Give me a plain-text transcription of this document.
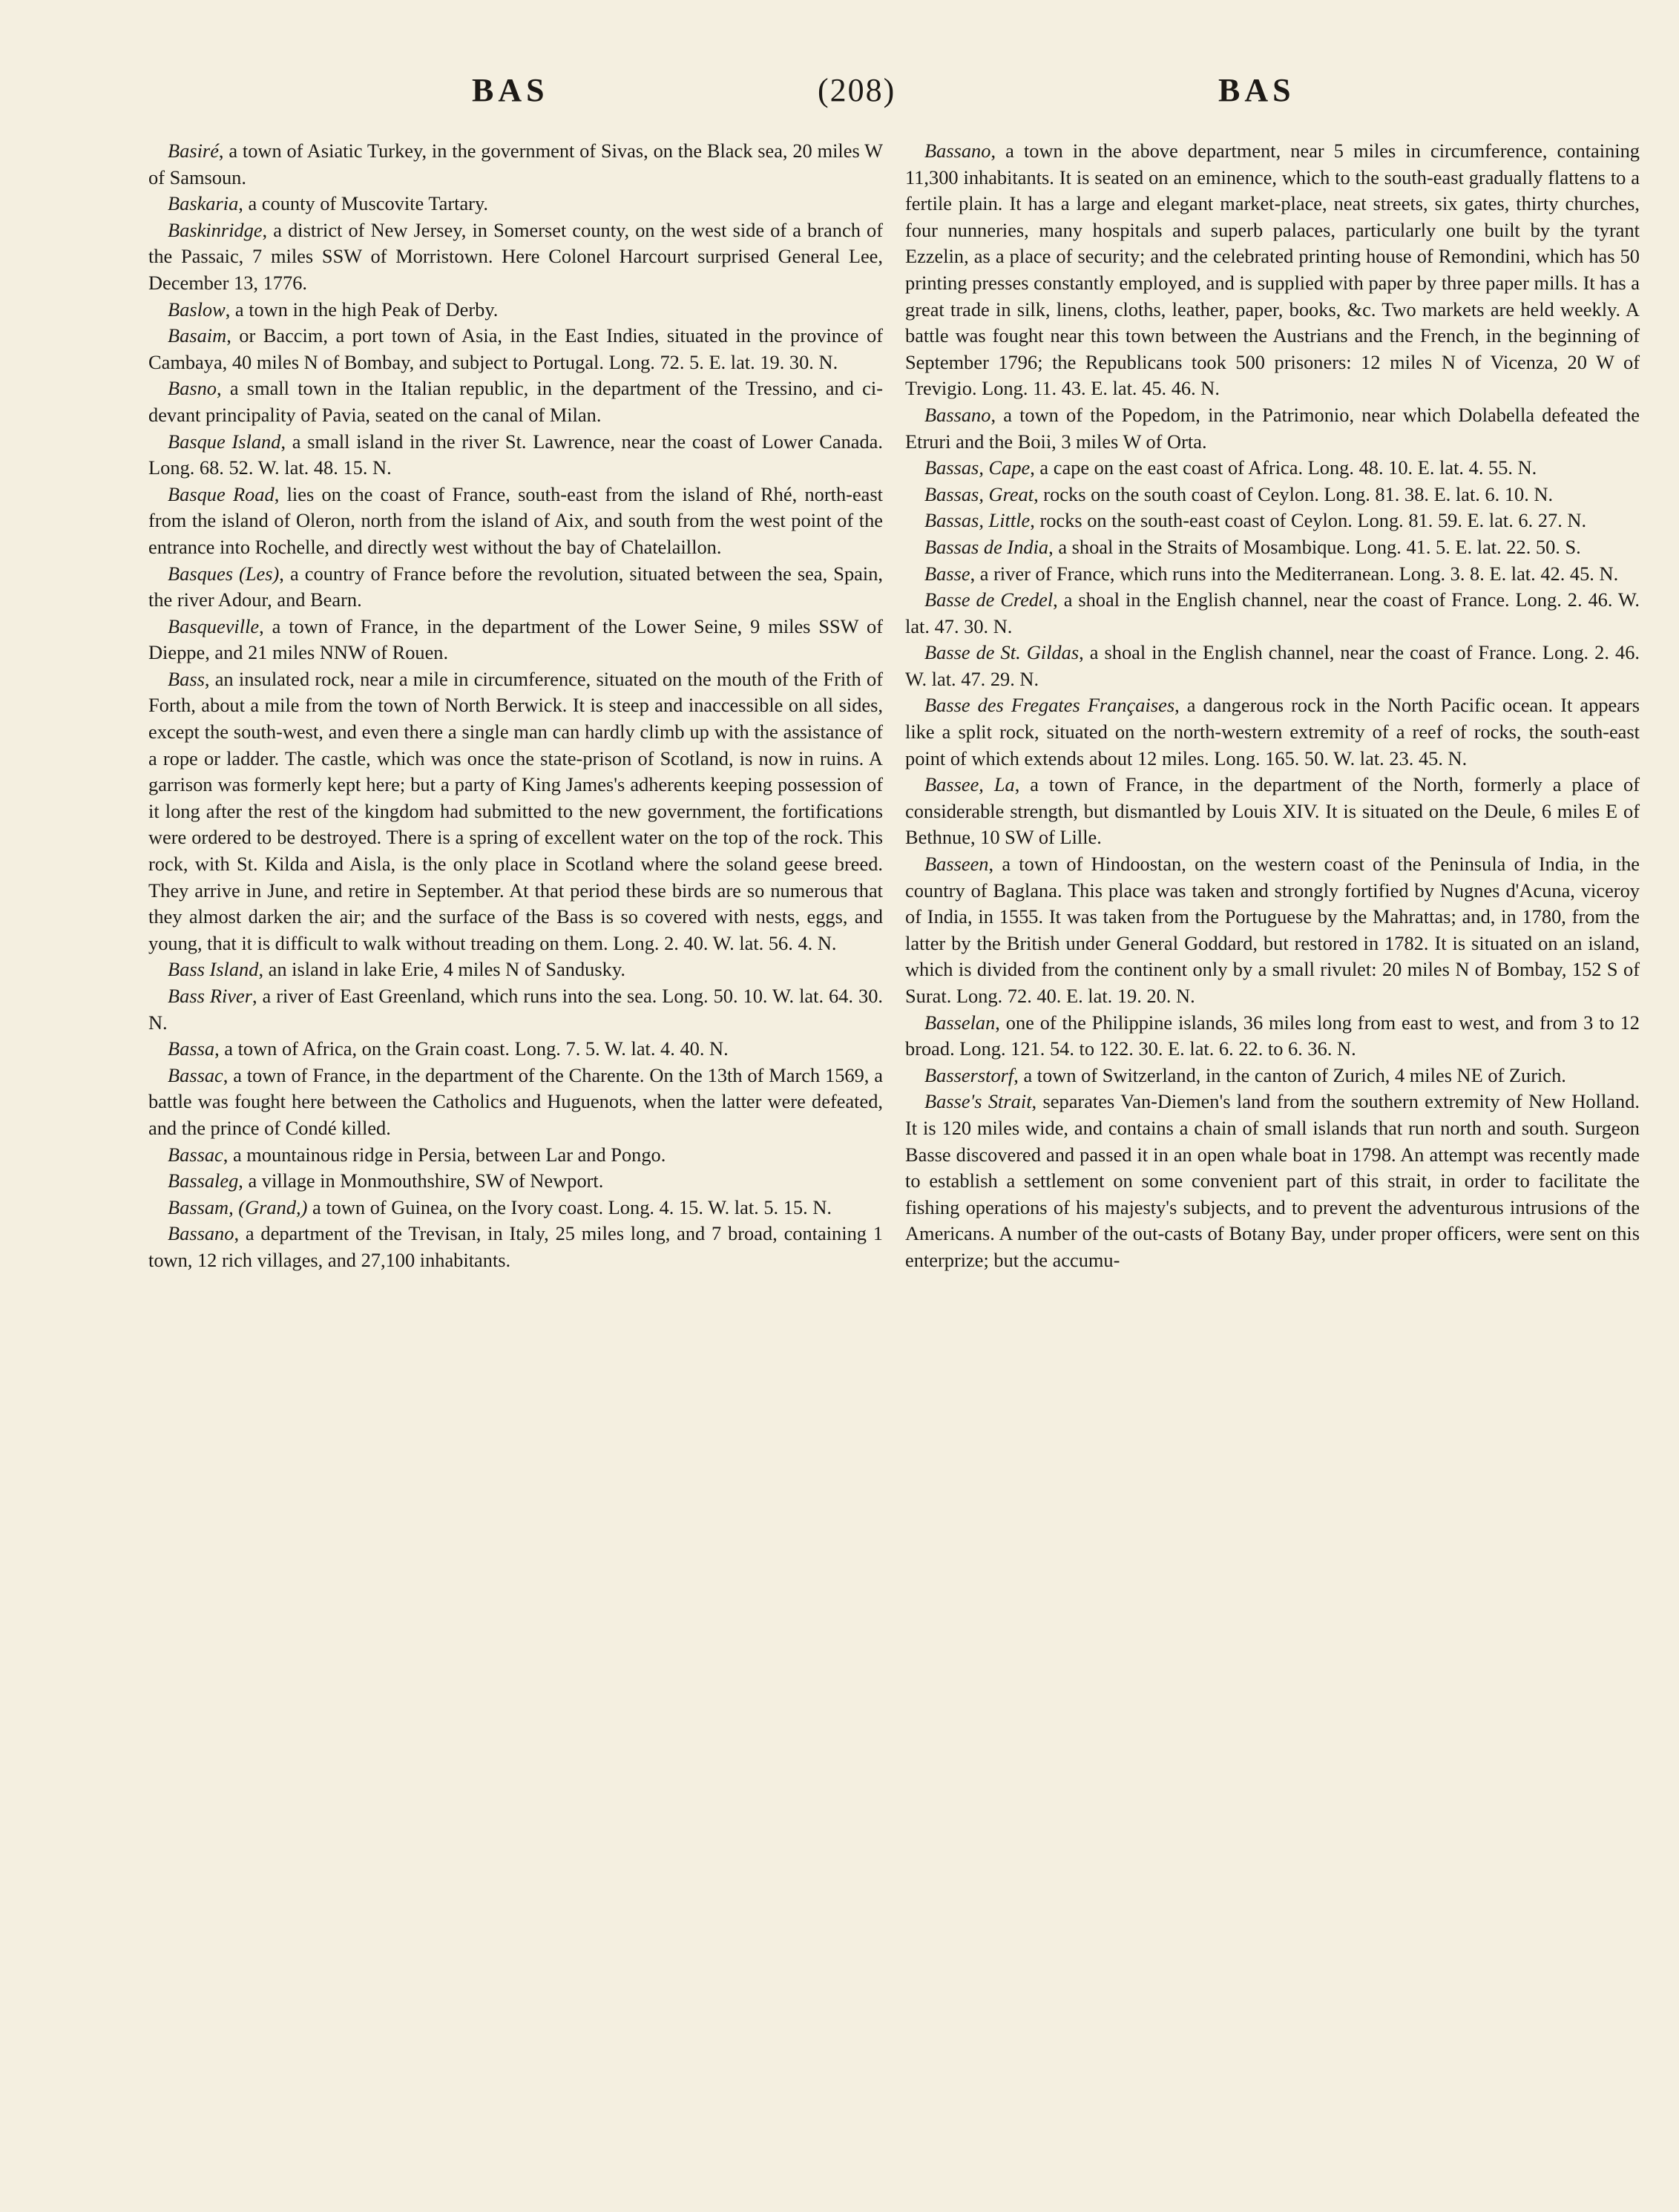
BAS	(208)	BAS

Basiré, a town of Asiatic Turkey, in the government of Sivas, on the Black sea, 20 miles W of Samsoun.

Baskaria, a county of Muscovite Tartary.

Baskinridge, a district of New Jersey, in Somerset county, on the west side of a branch of the Passaic, 7 miles SSW of Morristown. Here Colonel Harcourt surprised General Lee, December 13, 1776.

Baslow, a town in the high Peak of Derby.

Basaim, or Baccim, a port town of Asia, in the East Indies, situated in the province of Cambaya, 40 miles N of Bombay, and subject to Portugal. Long. 72. 5. E. lat. 19. 30. N.

Basno, a small town in the Italian republic, in the department of the Tressino, and ci-devant principality of Pavia, seated on the canal of Milan.

Basque Island, a small island in the river St. Lawrence, near the coast of Lower Canada. Long. 68. 52. W. lat. 48. 15. N.

Basque Road, lies on the coast of France, south-east from the island of Rhé, north-east from the island of Oleron, north from the island of Aix, and south from the west point of the entrance into Rochelle, and directly west without the bay of Chatelaillon.

Basques (Les), a country of France before the revolution, situated between the sea, Spain, the river Adour, and Bearn.

Basqueville, a town of France, in the department of the Lower Seine, 9 miles SSW of Dieppe, and 21 miles NNW of Rouen.

Bass, an insulated rock, near a mile in circumference, situated on the mouth of the Frith of Forth, about a mile from the town of North Berwick. It is steep and inaccessible on all sides, except the south-west, and even there a single man can hardly climb up with the assistance of a rope or ladder. The castle, which was once the state-prison of Scotland, is now in ruins. A garrison was formerly kept here; but a party of King James's adherents keeping possession of it long after the rest of the kingdom had submitted to the new government, the fortifications were ordered to be destroyed. There is a spring of excellent water on the top of the rock. This rock, with St. Kilda and Aisla, is the only place in Scotland where the soland geese breed. They arrive in June, and retire in September. At that period these birds are so numerous that they almost darken the air; and the surface of the Bass is so covered with nests, eggs, and young, that it is difficult to walk without treading on them. Long. 2. 40. W. lat. 56. 4. N.

Bass Island, an island in lake Erie, 4 miles N of Sandusky.

Bass River, a river of East Greenland, which runs into the sea. Long. 50. 10. W. lat. 64. 30. N.

Bassa, a town of Africa, on the Grain coast. Long. 7. 5. W. lat. 4. 40. N.

Bassac, a town of France, in the department of the Charente. On the 13th of March 1569, a battle was fought here between the Catholics and Huguenots, when the latter were defeated, and the prince of Condé killed.

Bassac, a mountainous ridge in Persia, between Lar and Pongo.

Bassaleg, a village in Monmouthshire, SW of Newport.

Bassam, (Grand,) a town of Guinea, on the Ivory coast. Long. 4. 15. W. lat. 5. 15. N.

Bassano, a department of the Trevisan, in Italy, 25 miles long, and 7 broad, containing 1 town, 12 rich villages, and 27,100 inhabitants.

Bassano, a town in the above department, near 5 miles in circumference, containing 11,300 inhabitants. It is seated on an eminence, which to the south-east gradually flattens to a fertile plain. It has a large and elegant market-place, neat streets, six gates, thirty churches, four nunneries, many hospitals and superb palaces, particularly one built by the tyrant Ezzelin, as a place of security; and the celebrated printing house of Remondini, which has 50 printing presses constantly employed, and is supplied with paper by three paper mills. It has a great trade in silk, linens, cloths, leather, paper, books, &c. Two markets are held weekly. A battle was fought near this town between the Austrians and the French, in the beginning of September 1796; the Republicans took 500 prisoners: 12 miles N of Vicenza, 20 W of Trevigio. Long. 11. 43. E. lat. 45. 46. N.

Bassano, a town of the Popedom, in the Patrimonio, near which Dolabella defeated the Etruri and the Boii, 3 miles W of Orta.

Bassas, Cape, a cape on the east coast of Africa. Long. 48. 10. E. lat. 4. 55. N.

Bassas, Great, rocks on the south coast of Ceylon. Long. 81. 38. E. lat. 6. 10. N.

Bassas, Little, rocks on the south-east coast of Ceylon. Long. 81. 59. E. lat. 6. 27. N.

Bassas de India, a shoal in the Straits of Mosambique. Long. 41. 5. E. lat. 22. 50. S.

Basse, a river of France, which runs into the Mediterranean. Long. 3. 8. E. lat. 42. 45. N.

Basse de Credel, a shoal in the English channel, near the coast of France. Long. 2. 46. W. lat. 47. 30. N.

Basse de St. Gildas, a shoal in the English channel, near the coast of France. Long. 2. 46. W. lat. 47. 29. N.

Basse des Fregates Françaises, a dangerous rock in the North Pacific ocean. It appears like a split rock, situated on the north-western extremity of a reef of rocks, the south-east point of which extends about 12 miles. Long. 165. 50. W. lat. 23. 45. N.

Bassee, La, a town of France, in the department of the North, formerly a place of considerable strength, but dismantled by Louis XIV. It is situated on the Deule, 6 miles E of Bethnue, 10 SW of Lille.

Basseen, a town of Hindoostan, on the western coast of the Peninsula of India, in the country of Baglana. This place was taken and strongly fortified by Nugnes d'Acuna, viceroy of India, in 1555. It was taken from the Portuguese by the Mahrattas; and, in 1780, from the latter by the British under General Goddard, but restored in 1782. It is situated on an island, which is divided from the continent only by a small rivulet: 20 miles N of Bombay, 152 S of Surat. Long. 72. 40. E. lat. 19. 20. N.

Basselan, one of the Philippine islands, 36 miles long from east to west, and from 3 to 12 broad. Long. 121. 54. to 122. 30. E. lat. 6. 22. to 6. 36. N.

Basserstorf, a town of Switzerland, in the canton of Zurich, 4 miles NE of Zurich.

Basse's Strait, separates Van-Diemen's land from the southern extremity of New Holland. It is 120 miles wide, and contains a chain of small islands that run north and south. Surgeon Basse discovered and passed it in an open whale boat in 1798. An attempt was recently made to establish a settlement on some convenient part of this strait, in order to facilitate the fishing operations of his majesty's subjects, and to prevent the adventurous intrusions of the Americans. A number of the out-casts of Botany Bay, under proper officers, were sent on this enterprize; but the accumu-
